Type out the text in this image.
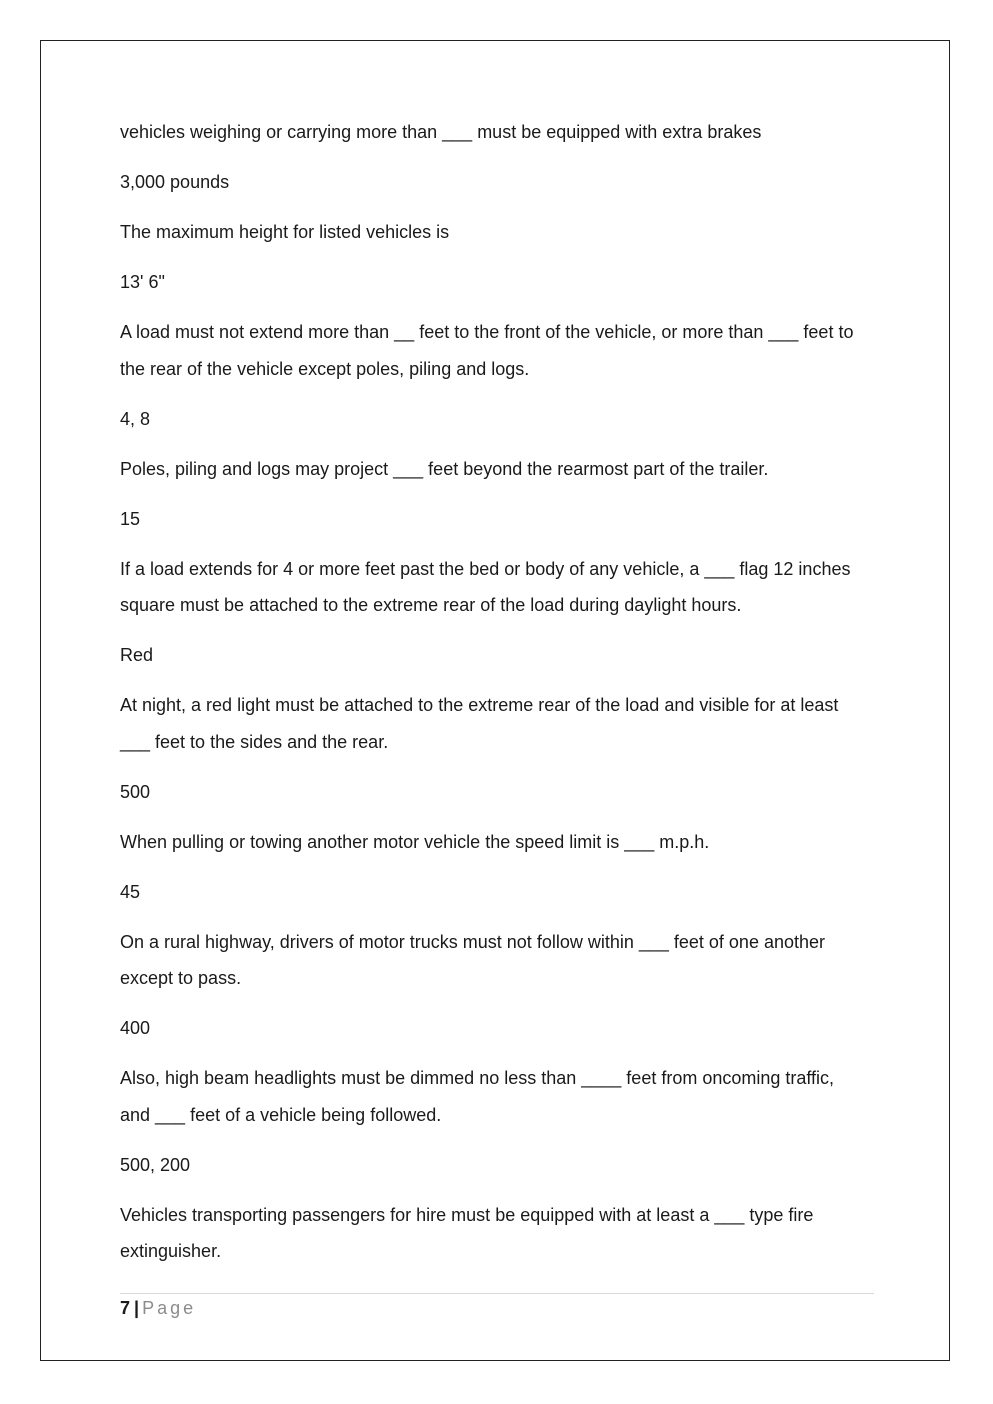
vehicles weighing or carrying more than ___ must be equipped with extra brakes

3,000 pounds

The maximum height for listed vehicles is

13' 6"

A load must not extend more than __ feet to the front of the vehicle, or more than ___ feet to the rear of the vehicle except poles, piling and logs.

4, 8

Poles, piling and logs may project ___ feet beyond the rearmost part of the trailer.

15

If a load extends for 4 or more feet past the bed or body of any vehicle, a ___ flag 12 inches square must be attached to the extreme rear of the load during daylight hours.

Red

At night, a red light must be attached to the extreme rear of the load and visible for at least ___ feet to the sides and the rear.

500

When pulling or towing another motor vehicle the speed limit is ___ m.p.h.

45

On a rural highway, drivers of motor trucks must not follow within ___ feet of one another except to pass.

400

Also, high beam headlights must be dimmed no less than ____ feet from oncoming traffic, and ___ feet of a vehicle being followed.

500, 200

Vehicles transporting passengers for hire must be equipped with at least a ___ type fire extinguisher.

7 | Page
